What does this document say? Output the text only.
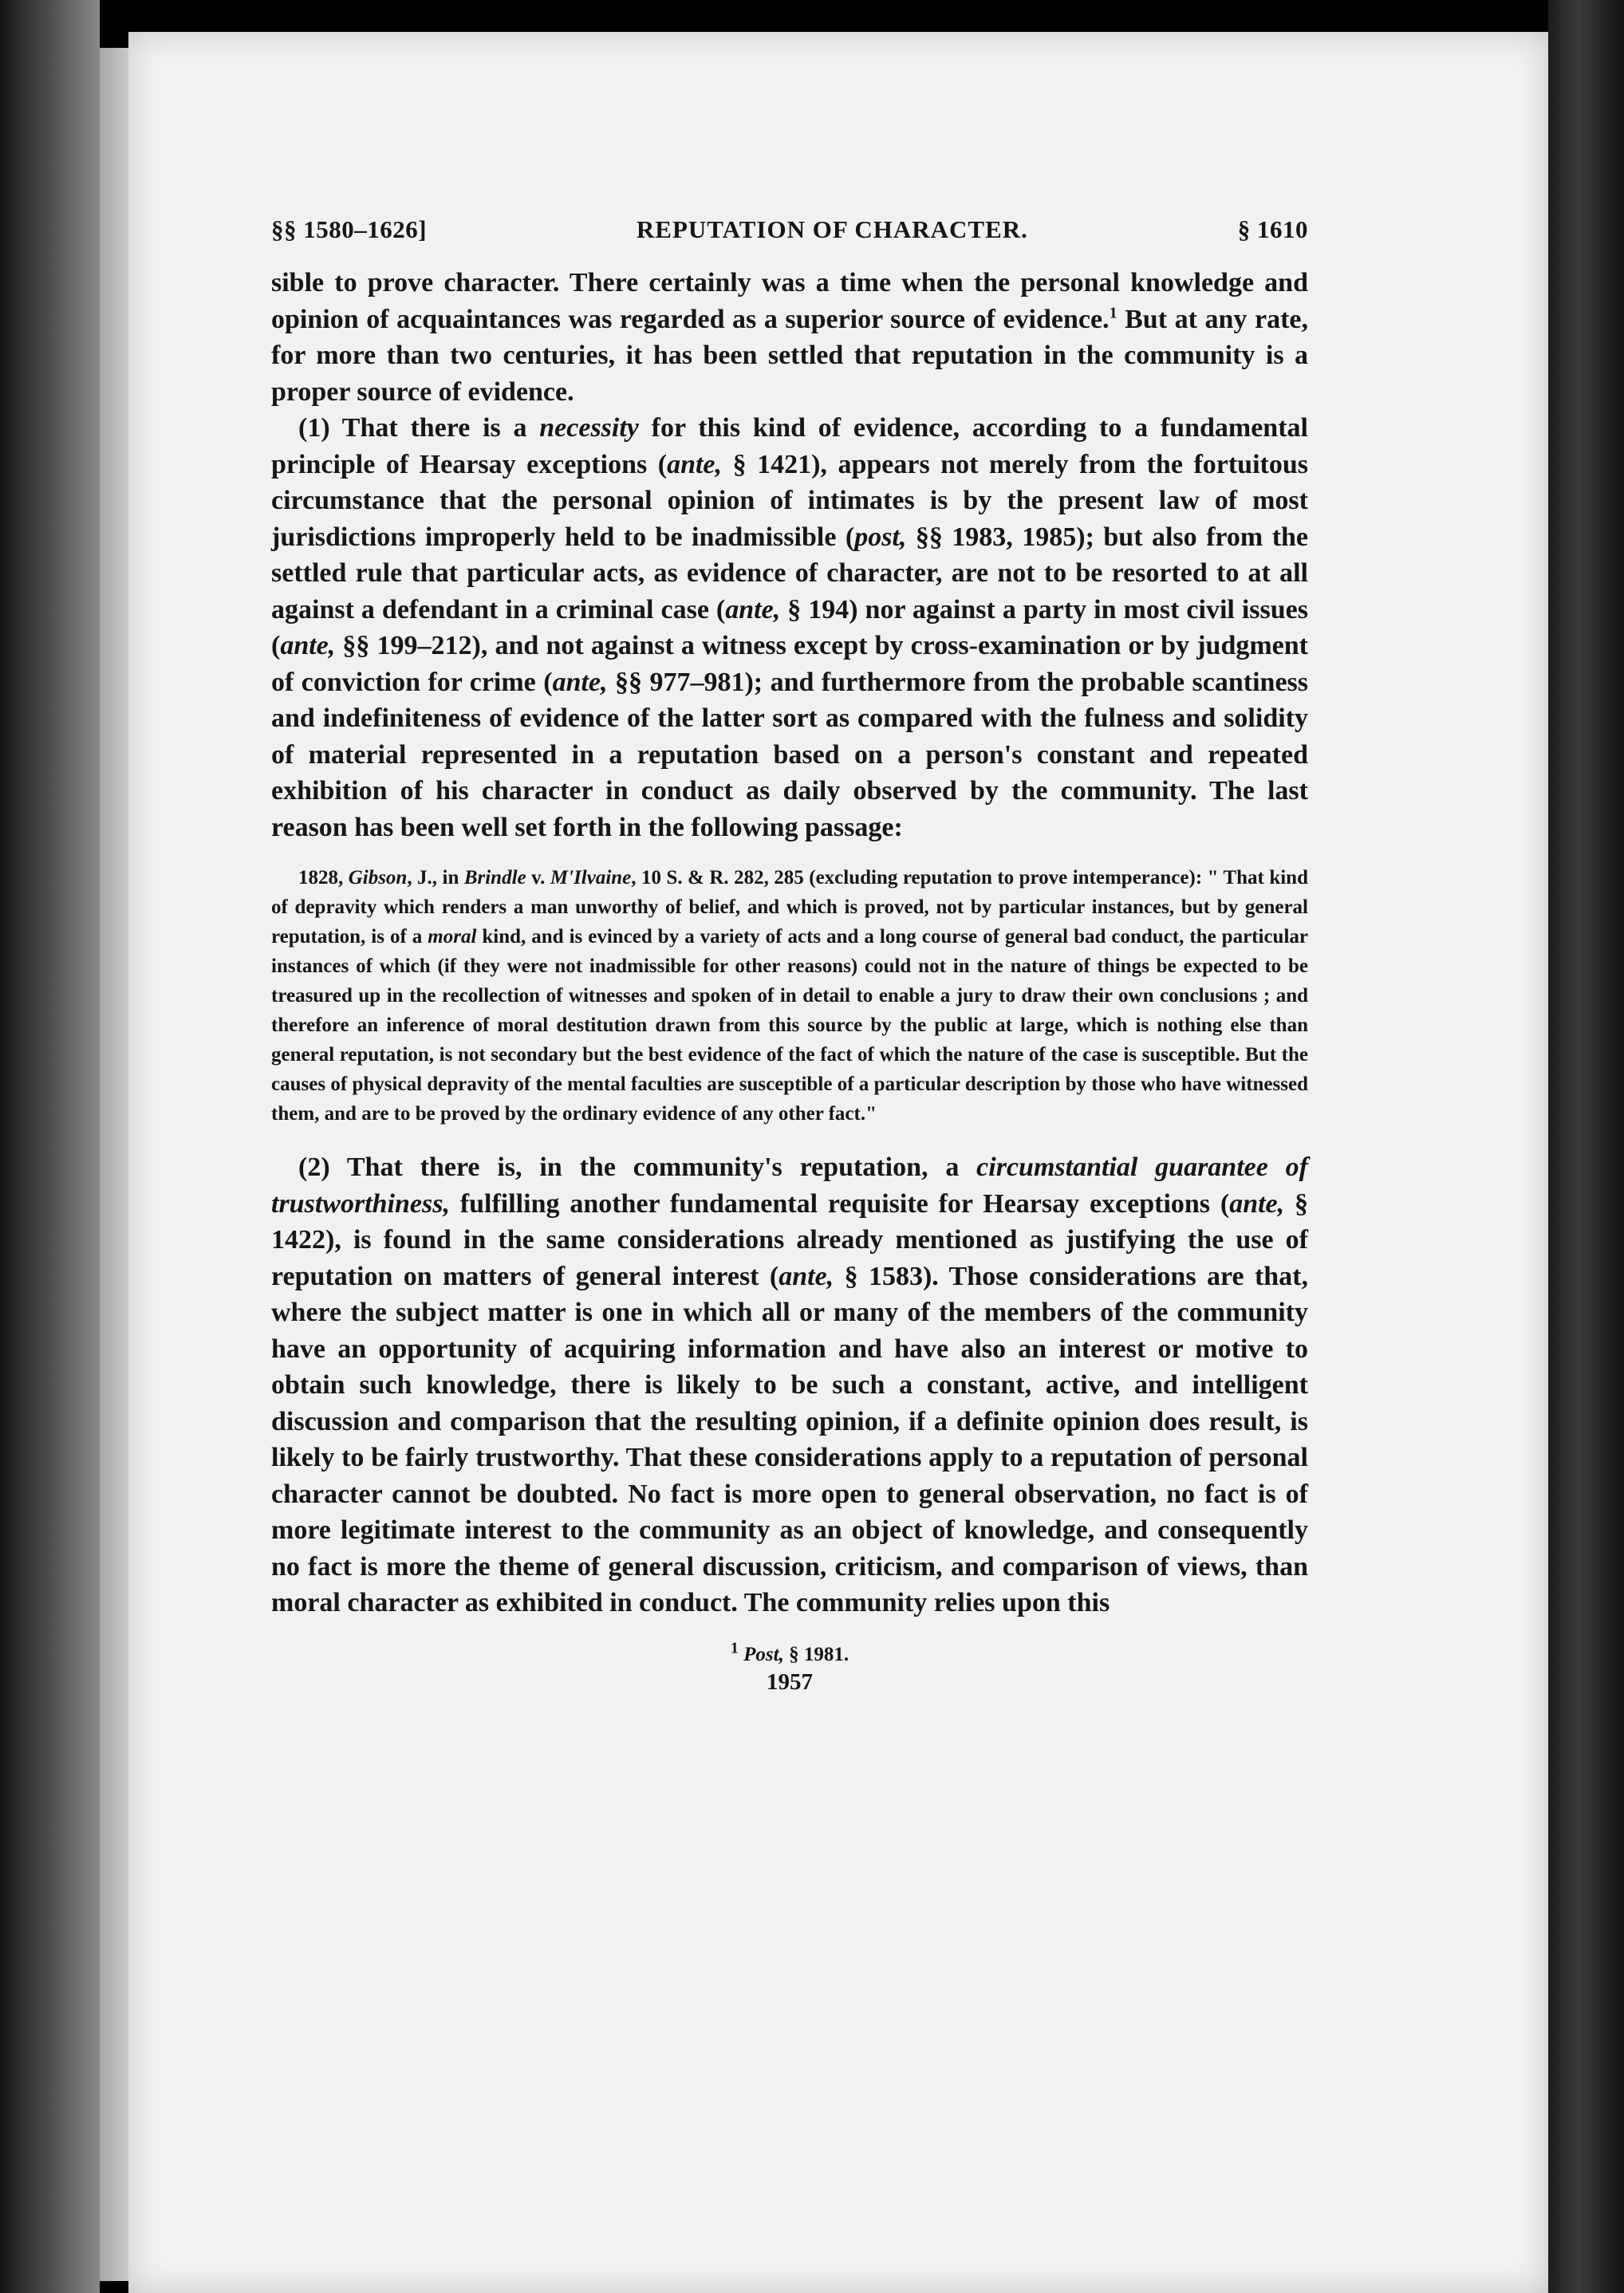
§§ 1580–1626]	REPUTATION OF CHARACTER.	§ 1610

sible to prove character. There certainly was a time when the personal knowledge and opinion of acquaintances was regarded as a superior source of evidence.$^1$ But at any rate, for more than two centuries, it has been settled that reputation in the community is a proper source of evidence.

(1) That there is a necessity for this kind of evidence, according to a fundamental principle of Hearsay exceptions (ante, § 1421), appears not merely from the fortuitous circumstance that the personal opinion of intimates is by the present law of most jurisdictions improperly held to be inadmissible (post, §§ 1983, 1985); but also from the settled rule that particular acts, as evidence of character, are not to be resorted to at all against a defendant in a criminal case (ante, § 194) nor against a party in most civil issues (ante, §§ 199–212), and not against a witness except by cross-examination or by judgment of conviction for crime (ante, §§ 977–981); and furthermore from the probable scantiness and indefiniteness of evidence of the latter sort as compared with the fulness and solidity of material represented in a reputation based on a person's constant and repeated exhibition of his character in conduct as daily observed by the community. The last reason has been well set forth in the following passage:

1828, Gibson, J., in Brindle v. M'Ilvaine, 10 S. & R. 282, 285 (excluding reputation to prove intemperance): " That kind of depravity which renders a man unworthy of belief, and which is proved, not by particular instances, but by general reputation, is of a moral kind, and is evinced by a variety of acts and a long course of general bad conduct, the particular instances of which (if they were not inadmissible for other reasons) could not in the nature of things be expected to be treasured up in the recollection of witnesses and spoken of in detail to enable a jury to draw their own conclusions ; and therefore an inference of moral destitution drawn from this source by the public at large, which is nothing else than general reputation, is not secondary but the best evidence of the fact of which the nature of the case is susceptible. But the causes of physical depravity of the mental faculties are susceptible of a particular description by those who have witnessed them, and are to be proved by the ordinary evidence of any other fact."

(2) That there is, in the community's reputation, a circumstantial guarantee of trustworthiness, fulfilling another fundamental requisite for Hearsay exceptions (ante, § 1422), is found in the same considerations already mentioned as justifying the use of reputation on matters of general interest (ante, § 1583). Those considerations are that, where the subject matter is one in which all or many of the members of the community have an opportunity of acquiring information and have also an interest or motive to obtain such knowledge, there is likely to be such a constant, active, and intelligent discussion and comparison that the resulting opinion, if a definite opinion does result, is likely to be fairly trustworthy. That these considerations apply to a reputation of personal character cannot be doubted. No fact is more open to general observation, no fact is of more legitimate interest to the community as an object of knowledge, and consequently no fact is more the theme of general discussion, criticism, and comparison of views, than moral character as exhibited in conduct. The community relies upon this

$^1$ Post, § 1981.
1957
